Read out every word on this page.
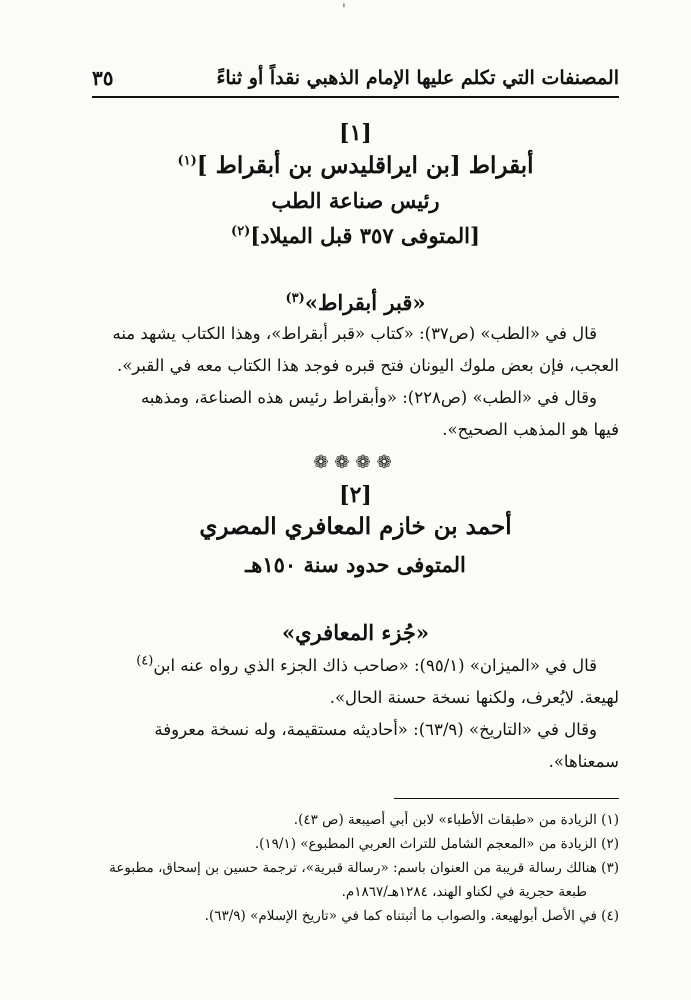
'
المصنفات التي تكلم عليها الإمام الذهبي نقداً أو ثناءً
٣٥
[١]
أبقراط [بن ايراقليدس بن أبقراط ]$^{(١)}$
رئيس صناعة الطب
[المتوفى ٣٥٧ قبل الميلاد]$^{(٢)}$
«قبر أبقراط»$^{(٣)}$

قال في «الطب» (ص٣٧): «كتاب «قبر أبقراط»، وهذا الكتاب يشهد منه

العجب، فإن بعض ملوك اليونان فتح قبره فوجد هذا الكتاب معه في القبر».

وقال في «الطب» (ص٢٢٨): «وأبقراط رئيس هذه الصناعة، ومذهبه

فيها هو المذهب الصحيح».

❁❁❁❁
[٢]
أحمد بن خازم المعافري المصري
المتوفى حدود سنة ١٥٠هـ
«جُزء المعافري»

قال في «الميزان» (٩٥/١): «صاحب ذاك الجزء الذي رواه عنه ابن$^{(٤)}$

لهيعة. لايُعرف، ولكنها نسخة حسنة الحال».

وقال في «التاريخ» (٦٣/٩): «أحاديثه مستقيمة، وله نسخة معروفة

سمعناها».

(١) الزيادة من «طبقات الأطباء» لابن أبي أصيبعة (ص ٤٣).

(٢) الزيادة من «المعجم الشامل للتراث العربي المطبوع» (١٩/١).

(٣) هنالك رسالة قريبة من العنوان باسم: «رسالة قبرية»، ترجمة حسين بن إسحاق، مطبوعة طبعة حجرية في لكناو الهند، ١٢٨٤هـ/١٨٦٧م.

(٤) في الأصل أبولهيعة. والصواب ما أثبتناه كما في «تاريخ الإسلام» (٦٣/٩).
